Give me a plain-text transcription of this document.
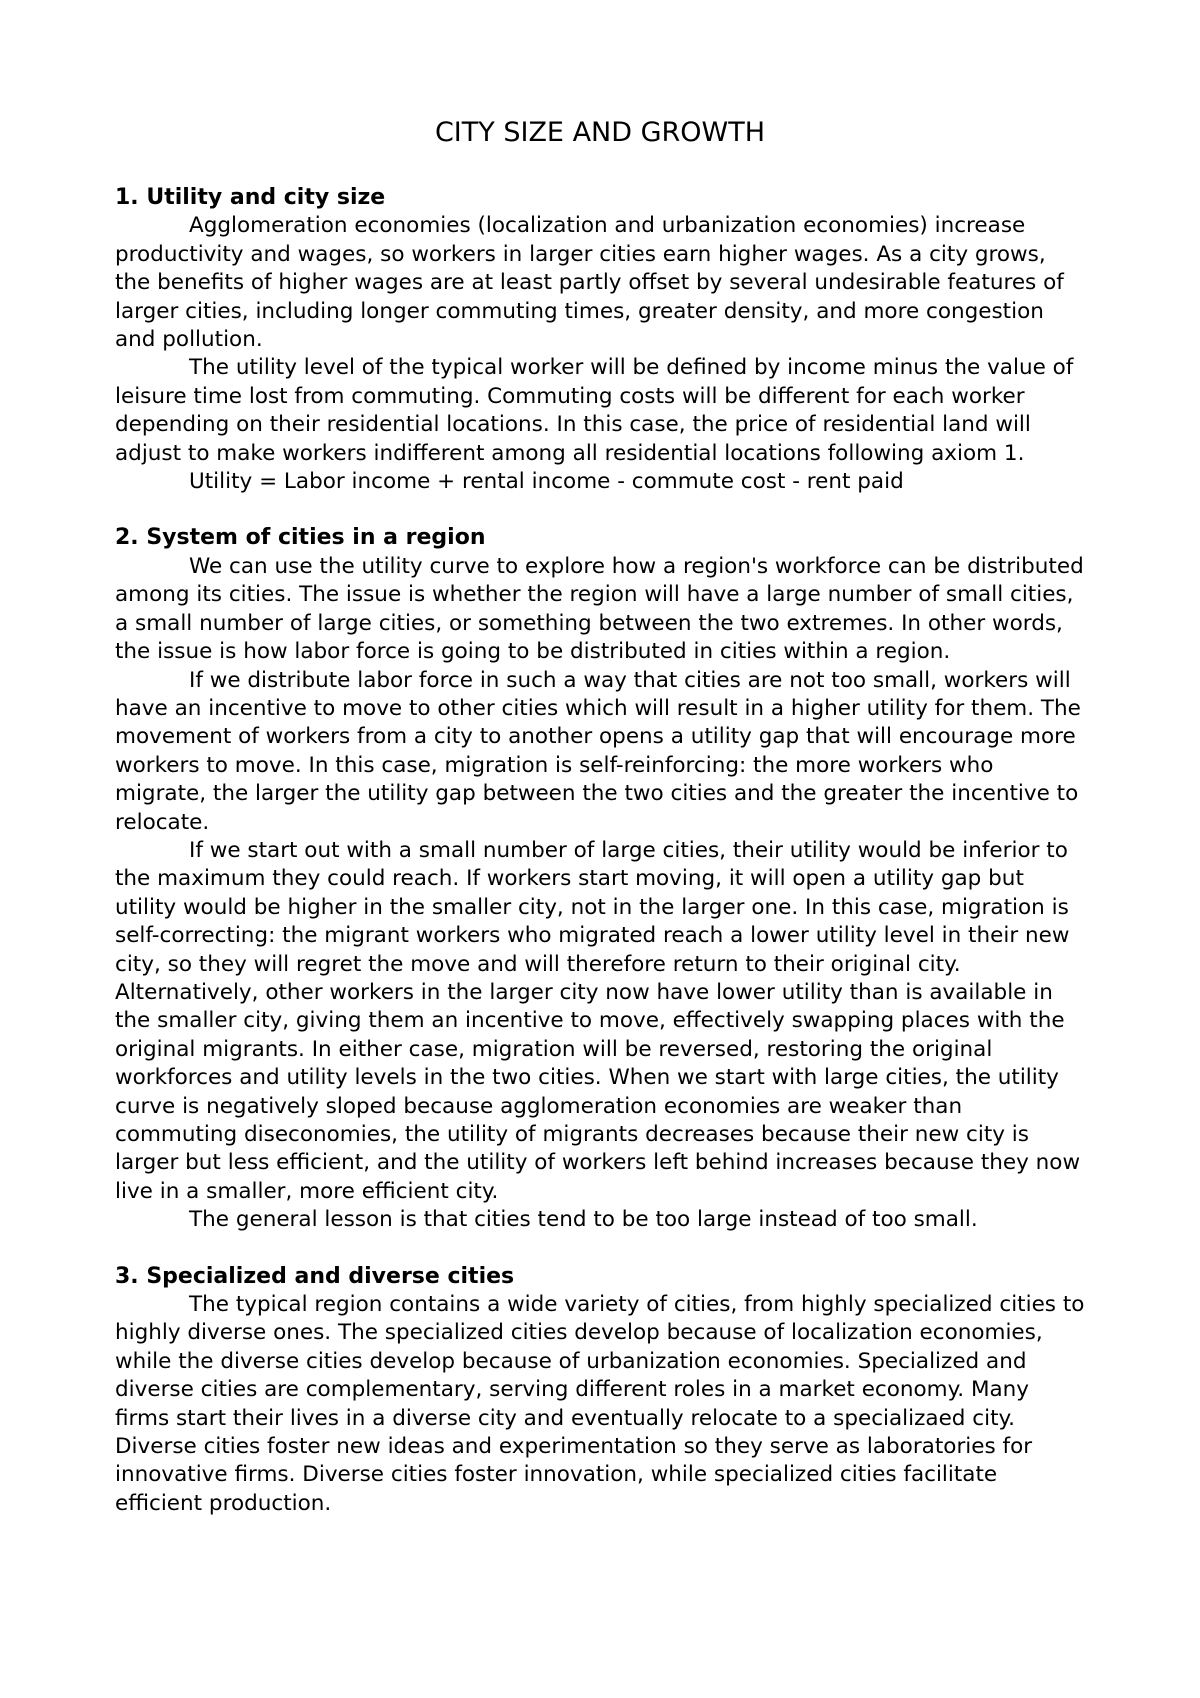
CITY SIZE AND GROWTH
1. Utility and city size

Agglomeration economies (localization and urbanization economies) increase productivity and wages, so workers in larger cities earn higher wages. As a city grows, the benefits of higher wages are at least partly offset by several undesirable features of larger cities, including longer commuting times, greater density, and more congestion and pollution.

The utility level of the typical worker will be defined by income minus the value of leisure time lost from commuting. Commuting costs will be different for each worker depending on their residential locations. In this case, the price of residential land will adjust to make workers indifferent among all residential locations following axiom 1.

Utility = Labor income + rental income - commute cost - rent paid

2. System of cities in a region

We can use the utility curve to explore how a region's workforce can be distributed among its cities. The issue is whether the region will have a large number of small cities, a small number of large cities, or something between the two extremes. In other words, the issue is how labor force is going to be distributed in cities within a region.

If we distribute labor force in such a way that cities are not too small, workers will have an incentive to move to other cities which will result in a higher utility for them. The movement of workers from a city to another opens a utility gap that will encourage more workers to move. In this case, migration is self-reinforcing: the more workers who migrate, the larger the utility gap between the two cities and the greater the incentive to relocate.

If we start out with a small number of large cities, their utility would be inferior to the maximum they could reach. If workers start moving, it will open a utility gap but utility would be higher in the smaller city, not in the larger one. In this case, migration is self-correcting: the migrant workers who migrated reach a lower utility level in their new city, so they will regret the move and will therefore return to their original city. Alternatively, other workers in the larger city now have lower utility than is available in the smaller city, giving them an incentive to move, effectively swapping places with the original migrants. In either case, migration will be reversed, restoring the original workforces and utility levels in the two cities. When we start with large cities, the utility curve is negatively sloped because agglomeration economies are weaker than commuting diseconomies, the utility of migrants decreases because their new city is larger but less efficient, and the utility of workers left behind increases because they now live in a smaller, more efficient city.

The general lesson is that cities tend to be too large instead of too small.

3. Specialized and diverse cities

The typical region contains a wide variety of cities, from highly specialized cities to highly diverse ones. The specialized cities develop because of localization economies, while the diverse cities develop because of urbanization economies. Specialized and diverse cities are complementary, serving different roles in a market economy. Many firms start their lives in a diverse city and eventually relocate to a specializaed city. Diverse cities foster new ideas and experimentation so they serve as laboratories for innovative firms. Diverse cities foster innovation, while specialized cities facilitate efficient production.
